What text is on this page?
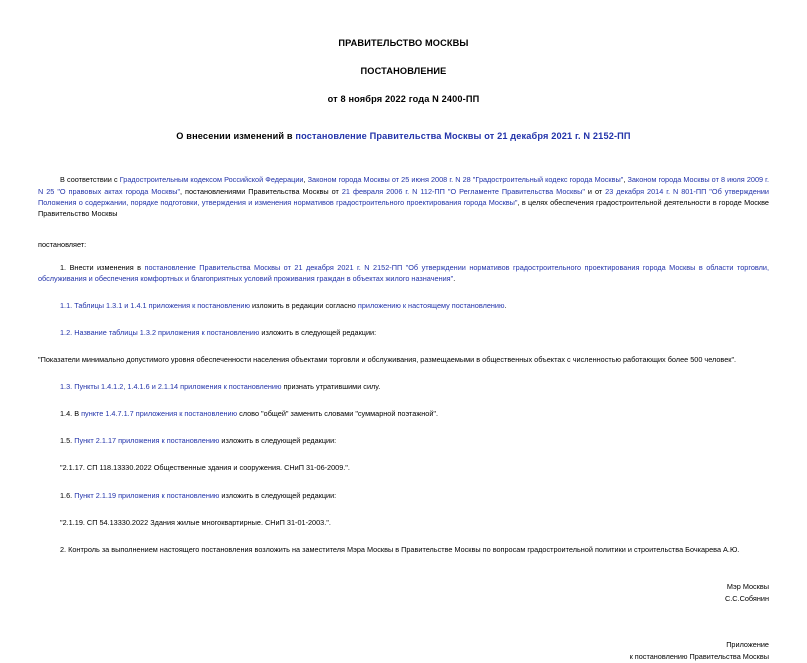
ПРАВИТЕЛЬСТВО МОСКВЫ
ПОСТАНОВЛЕНИЕ
от 8 ноября 2022 года N 2400-ПП
О внесении изменений в постановление Правительства Москвы от 21 декабря 2021 г. N 2152-ПП

В соответствии с Градостроительным кодексом Российской Федерации, Законом города Москвы от 25 июня 2008 г. N 28 "Градостроительный кодекс города Москвы", Законом города Москвы от 8 июля 2009 г. N 25 "О правовых актах города Москвы", постановлениями Правительства Москвы от 21 февраля 2006 г. N 112-ПП "О Регламенте Правительства Москвы" и от 23 декабря 2014 г. N 801-ПП "Об утверждении Положения о содержании, порядке подготовки, утверждения и изменения нормативов градостроительного проектирования города Москвы", в целях обеспечения градостроительной деятельности в городе Москве Правительство Москвы

постановляет:

1. Внести изменения в постановление Правительства Москвы от 21 декабря 2021 г. N 2152-ПП "Об утверждении нормативов градостроительного проектирования города Москвы в области торговли, обслуживания и обеспечения комфортных и благоприятных условий проживания граждан в объектах жилого назначения".

1.1. Таблицы 1.3.1 и 1.4.1 приложения к постановлению изложить в редакции согласно приложению к настоящему постановлению.

1.2. Название таблицы 1.3.2 приложения к постановлению изложить в следующей редакции:

"Показатели минимально допустимого уровня обеспеченности населения объектами торговли и обслуживания, размещаемыми в общественных объектах с численностью работающих более 500 человек".

1.3. Пункты 1.4.1.2, 1.4.1.6 и 2.1.14 приложения к постановлению признать утратившими силу.

1.4. В пункте 1.4.7.1.7 приложения к постановлению слово "общей" заменить словами "суммарной поэтажной".

1.5. Пункт 2.1.17 приложения к постановлению изложить в следующей редакции:

"2.1.17. СП 118.13330.2022 Общественные здания и сооружения. СНиП 31-06-2009.".

1.6. Пункт 2.1.19 приложения к постановлению изложить в следующей редакции:

"2.1.19. СП 54.13330.2022 Здания жилые многоквартирные. СНиП 31-01-2003.".

2. Контроль за выполнением настоящего постановления возложить на заместителя Мэра Москвы в Правительстве Москвы по вопросам градостроительной политики и строительства Бочкарева А.Ю.

Мэр Москвы
С.С.Собянин
Приложение
к постановлению Правительства Москвы
